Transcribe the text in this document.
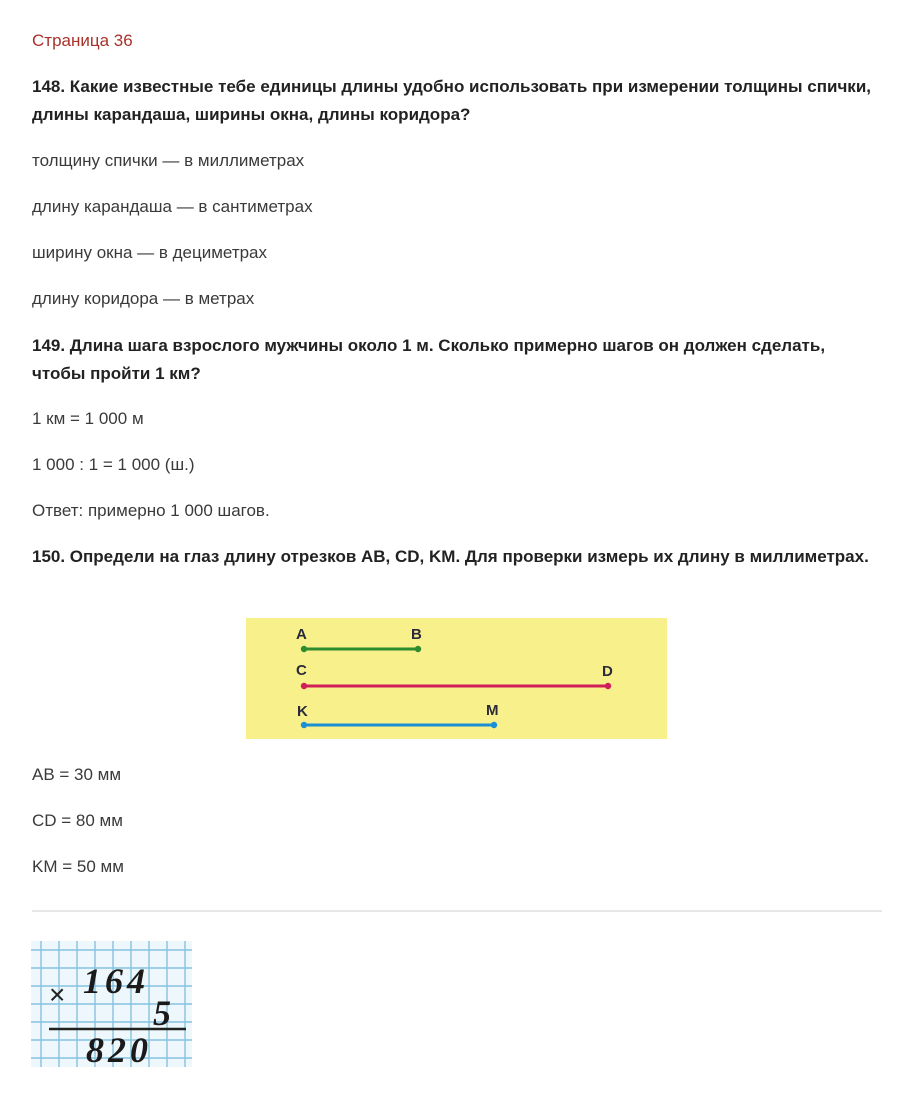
Страница 36
148. Какие известные тебе единицы длины удобно использовать при измерении толщины спички, длины карандаша, ширины окна, длины коридора?
толщину спички — в миллиметрах
длину карандаша — в сантиметрах
ширину окна — в дециметрах
длину коридора — в метрах
149. Длина шага взрослого мужчины около 1 м. Сколько примерно шагов он должен сделать, чтобы пройти 1 км?
1 км = 1 000 м
1 000 : 1 = 1 000 (ш.)
Ответ: примерно 1 000 шагов.
150. Определи на глаз длину отрезков AB, CD, KM. Для проверки измерь их длину в миллиметрах.
A	B
C	D
K	M
AB = 30 мм
CD = 80 мм
KM = 50 мм
× 164
5
820
